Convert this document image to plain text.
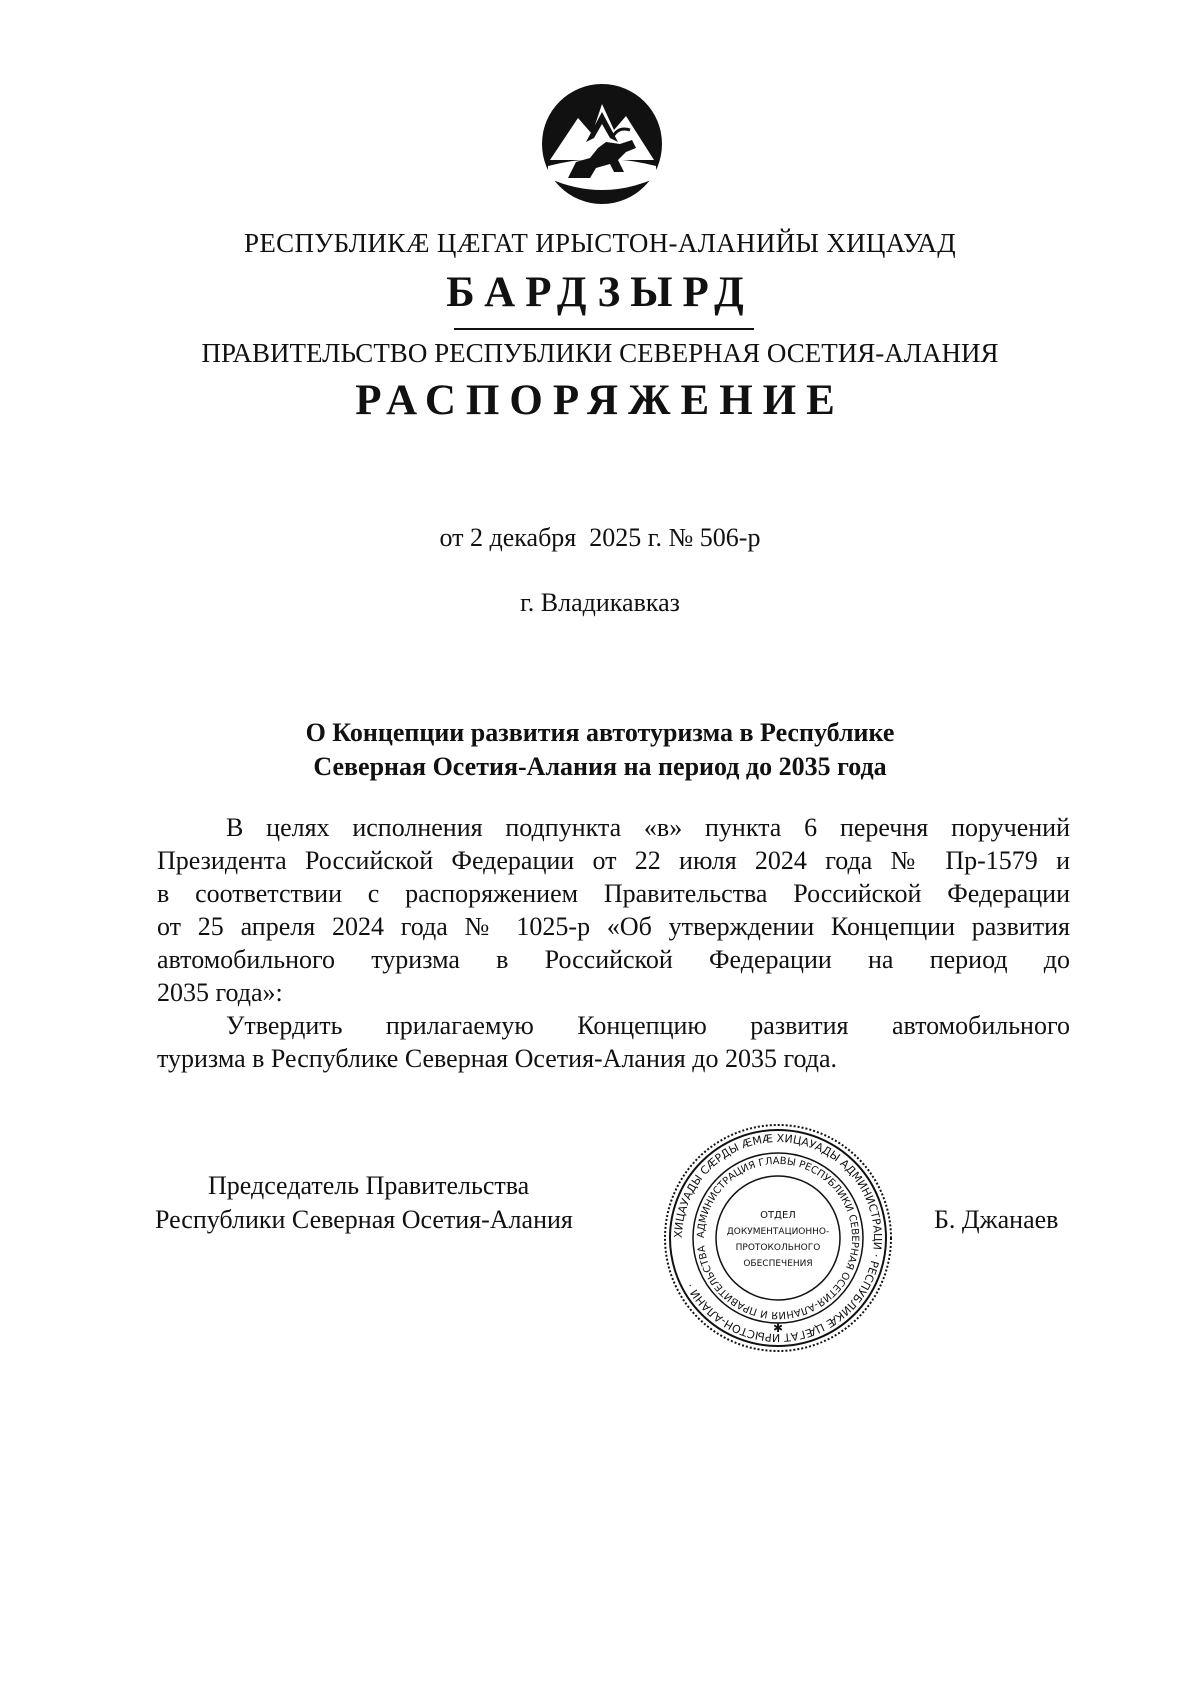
РЕСПУБЛИКӔ ЦӔГАТ ИРЫСТОН-АЛАНИЙЫ ХИЦАУАД
БАРДЗЫРД
ПРАВИТЕЛЬСТВО РЕСПУБЛИКИ СЕВЕРНАЯ ОСЕТИЯ-АЛАНИЯ
РАСПОРЯЖЕНИЕ
от 2 декабря  2025 г. № 506-р
г. Владикавказ
О Концепции развития автотуризма в Республике
Северная Осетия-Алания на период до 2035 года
В целях исполнения подпункта «в» пункта 6 перечня поручений
Президента Российской Федерации от 22 июля 2024 года № Пр-1579 и
в соответствии с распоряжением Правительства Российской Федерации
от 25 апреля 2024 года № 1025-р «Об утверждении Концепции развития
автомобильного туризма в Российской Федерации на период до
2035 года»:
Утвердить прилагаемую Концепцию развития автомобильного
туризма в Республике Северная Осетия-Алания до 2035 года.
Председатель Правительства
Республики Северная Осетия-Алания	Б. Джанаев
ХИЦАУАДЫ СӔРДЫ ӔМӔ ХИЦАУАДЫ АДМИНИСТРАЦИ · РЕСПУБЛИКӔ ЦӔГАТ ИРЫСТОН-АЛАНИ ·
АДМИНИСТРАЦИЯ ГЛАВЫ РЕСПУБЛИКИ СЕВЕРНАЯ ОСЕТИЯ-АЛАНИЯ И ПРАВИТЕЛЬСТВА
ОТДЕЛ
ДОКУМЕНТАЦИОННО-
ПРОТОКОЛЬНОГО
ОБЕСПЕЧЕНИЯ
✱
